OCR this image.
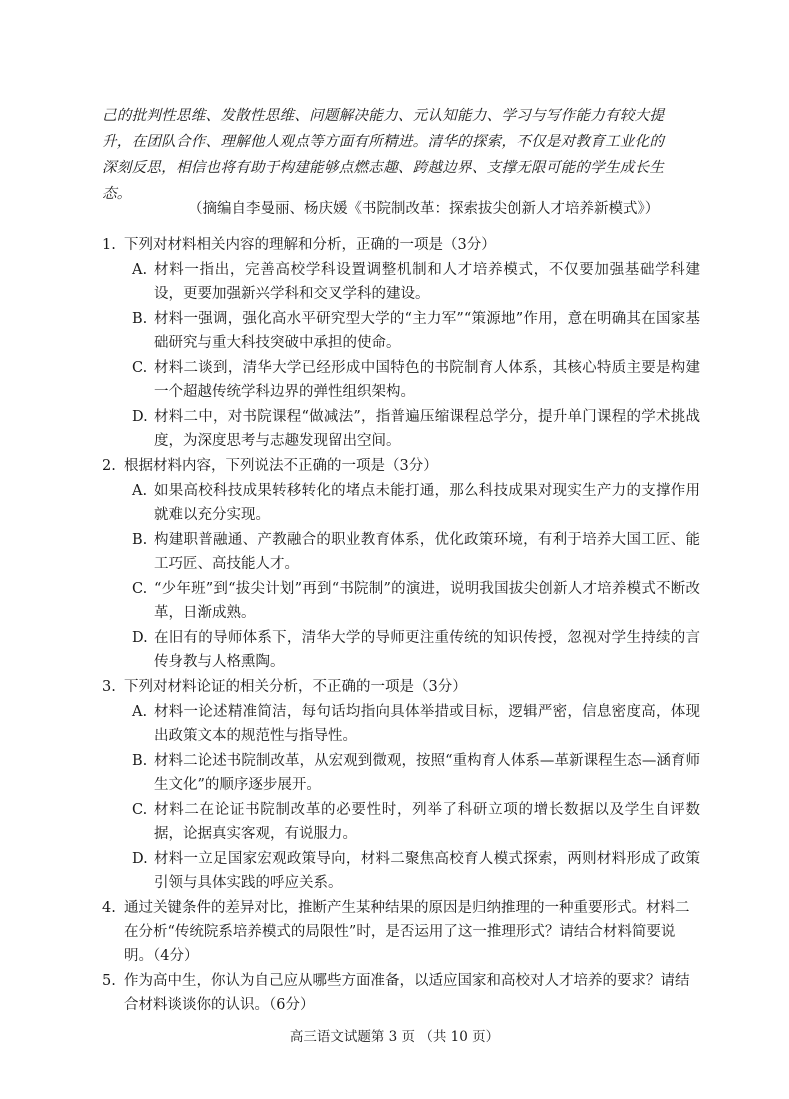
己的批判性思维、发散性思维、问题解决能力、元认知能力、学习与写作能力有较大提

升，在团队合作、理解他人观点等方面有所精进。清华的探索，不仅是对教育工业化的

深刻反思，相信也将有助于构建能够点燃志趣、跨越边界、支撑无限可能的学生成长生

态。

（摘编自李曼丽、杨庆媛《书院制改革：探索拔尖创新人才培养新模式》）
1. 下列对材料相关内容的理解和分析，正确的一项是（3分）
A. 材料一指出，完善高校学科设置调整机制和人才培养模式，不仅要加强基础学科建设，更要加强新兴学科和交叉学科的建设。
B. 材料一强调，强化高水平研究型大学的“主力军”“策源地”作用，意在明确其在国家基础研究与重大科技突破中承担的使命。
C. 材料二谈到，清华大学已经形成中国特色的书院制育人体系，其核心特质主要是构建一个超越传统学科边界的弹性组织架构。
D. 材料二中，对书院课程“做减法”，指普遍压缩课程总学分，提升单门课程的学术挑战度，为深度思考与志趣发现留出空间。
2. 根据材料内容，下列说法不正确的一项是（3分）
A. 如果高校科技成果转移转化的堵点未能打通，那么科技成果对现实生产力的支撑作用就难以充分实现。
B. 构建职普融通、产教融合的职业教育体系，优化政策环境，有利于培养大国工匠、能工巧匠、高技能人才。
C. “少年班”到“拔尖计划”再到“书院制”的演进，说明我国拔尖创新人才培养模式不断改革，日渐成熟。
D. 在旧有的导师体系下，清华大学的导师更注重传统的知识传授，忽视对学生持续的言传身教与人格熏陶。
3. 下列对材料论证的相关分析，不正确的一项是（3分）
A. 材料一论述精准简洁，每句话均指向具体举措或目标，逻辑严密，信息密度高，体现出政策文本的规范性与指导性。
B. 材料二论述书院制改革，从宏观到微观，按照“重构育人体系—革新课程生态—涵育师生文化”的顺序逐步展开。
C. 材料二在论证书院制改革的必要性时，列举了科研立项的增长数据以及学生自评数据，论据真实客观，有说服力。
D. 材料一立足国家宏观政策导向，材料二聚焦高校育人模式探索，两则材料形成了政策引领与具体实践的呼应关系。
4. 通过关键条件的差异对比，推断产生某种结果的原因是归纳推理的一种重要形式。材料二在分析“传统院系培养模式的局限性”时，是否运用了这一推理形式？请结合材料简要说明。（4分）
5. 作为高中生，你认为自己应从哪些方面准备，以适应国家和高校对人才培养的要求？请结合材料谈谈你的认识。（6分）
高三语文试题第 3 页 （共 10 页）
